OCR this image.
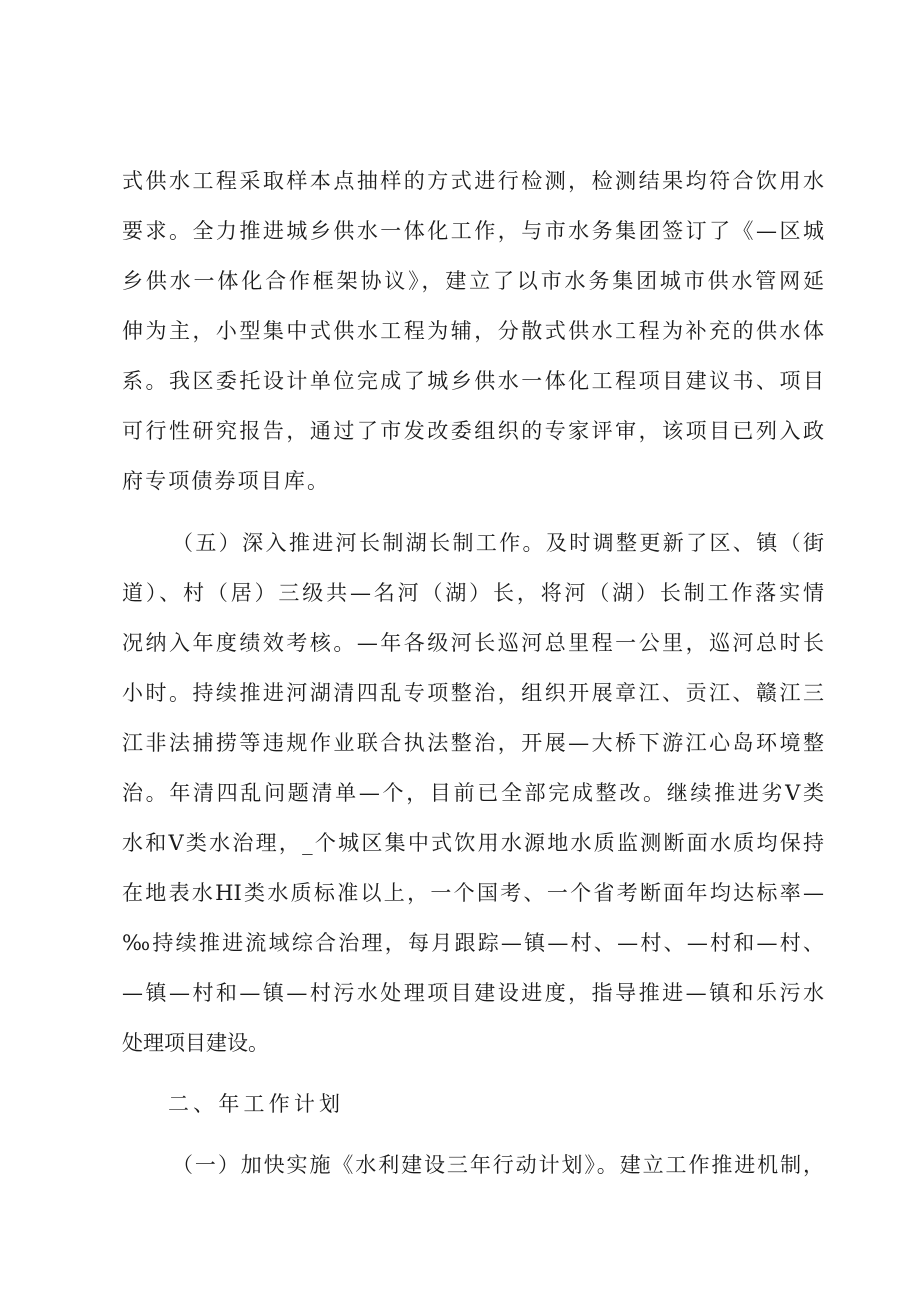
式供水工程采取样本点抽样的方式进行检测，检测结果均符合饮用水
要求。全力推进城乡供水一体化工作，与市水务集团签订了《—区城
乡供水一体化合作框架协议》，建立了以市水务集团城市供水管网延
伸为主，小型集中式供水工程为辅，分散式供水工程为补充的供水体
系。我区委托设计单位完成了城乡供水一体化工程项目建议书、项目
可行性研究报告，通过了市发改委组织的专家评审，该项目已列入政
府专项债券项目库。
（五）深入推进河长制湖长制工作。及时调整更新了区、镇（街
道）、村（居）三级共—名河（湖）长，将河（湖）长制工作落实情
况纳入年度绩效考核。—年各级河长巡河总里程一公里，巡河总时长
小时。持续推进河湖清四乱专项整治，组织开展章江、贡江、赣江三
江非法捕捞等违规作业联合执法整治，开展—大桥下游江心岛环境整
治。年清四乱问题清单—个，目前已全部完成整改。继续推进劣Ⅴ类
水和Ⅴ类水治理，_个城区集中式饮用水源地水质监测断面水质均保持
在地表水HI类水质标准以上，一个国考、一个省考断面年均达标率—
‰持续推进流域综合治理，每月跟踪—镇—村、—村、—村和—村、
—镇—村和—镇—村污水处理项目建设进度，指导推进—镇和乐污水
处理项目建设。
二、年工作计划
（一）加快实施《水利建设三年行动计划》。建立工作推进机制，
